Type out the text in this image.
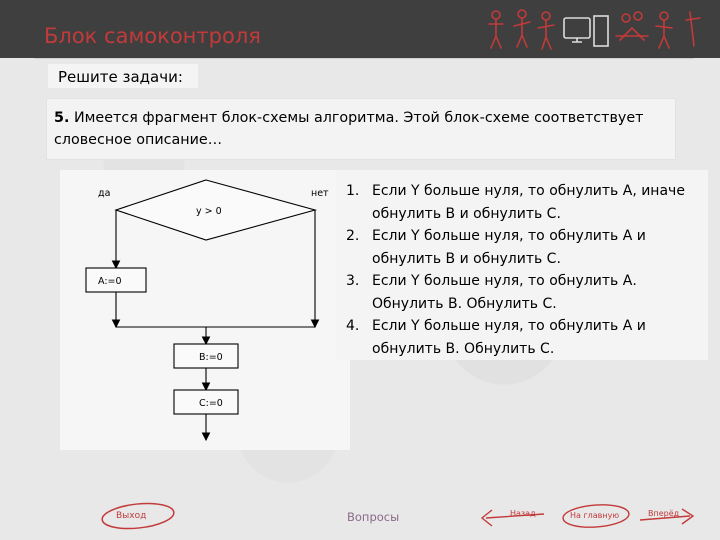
Блок самоконтроля
Решите задачи:
5. Имеется фрагмент блок-схемы алгоритма. Этой блок-схеме соответствует словесное описание…
да	нет
y > 0
A:=0
B:=0
C:=0
1. Если Y больше нуля, то обнулить А, иначе обнулить В и обнулить С.
2. Если Y больше нуля, то обнулить А и обнулить В и обнулить С.
3. Если Y больше нуля, то обнулить А. Обнулить В. Обнулить С.
4. Если Y больше нуля, то обнулить А и обнулить В. Обнулить С.
Выход	Вопросы	Назад	На главную	Вперёд
